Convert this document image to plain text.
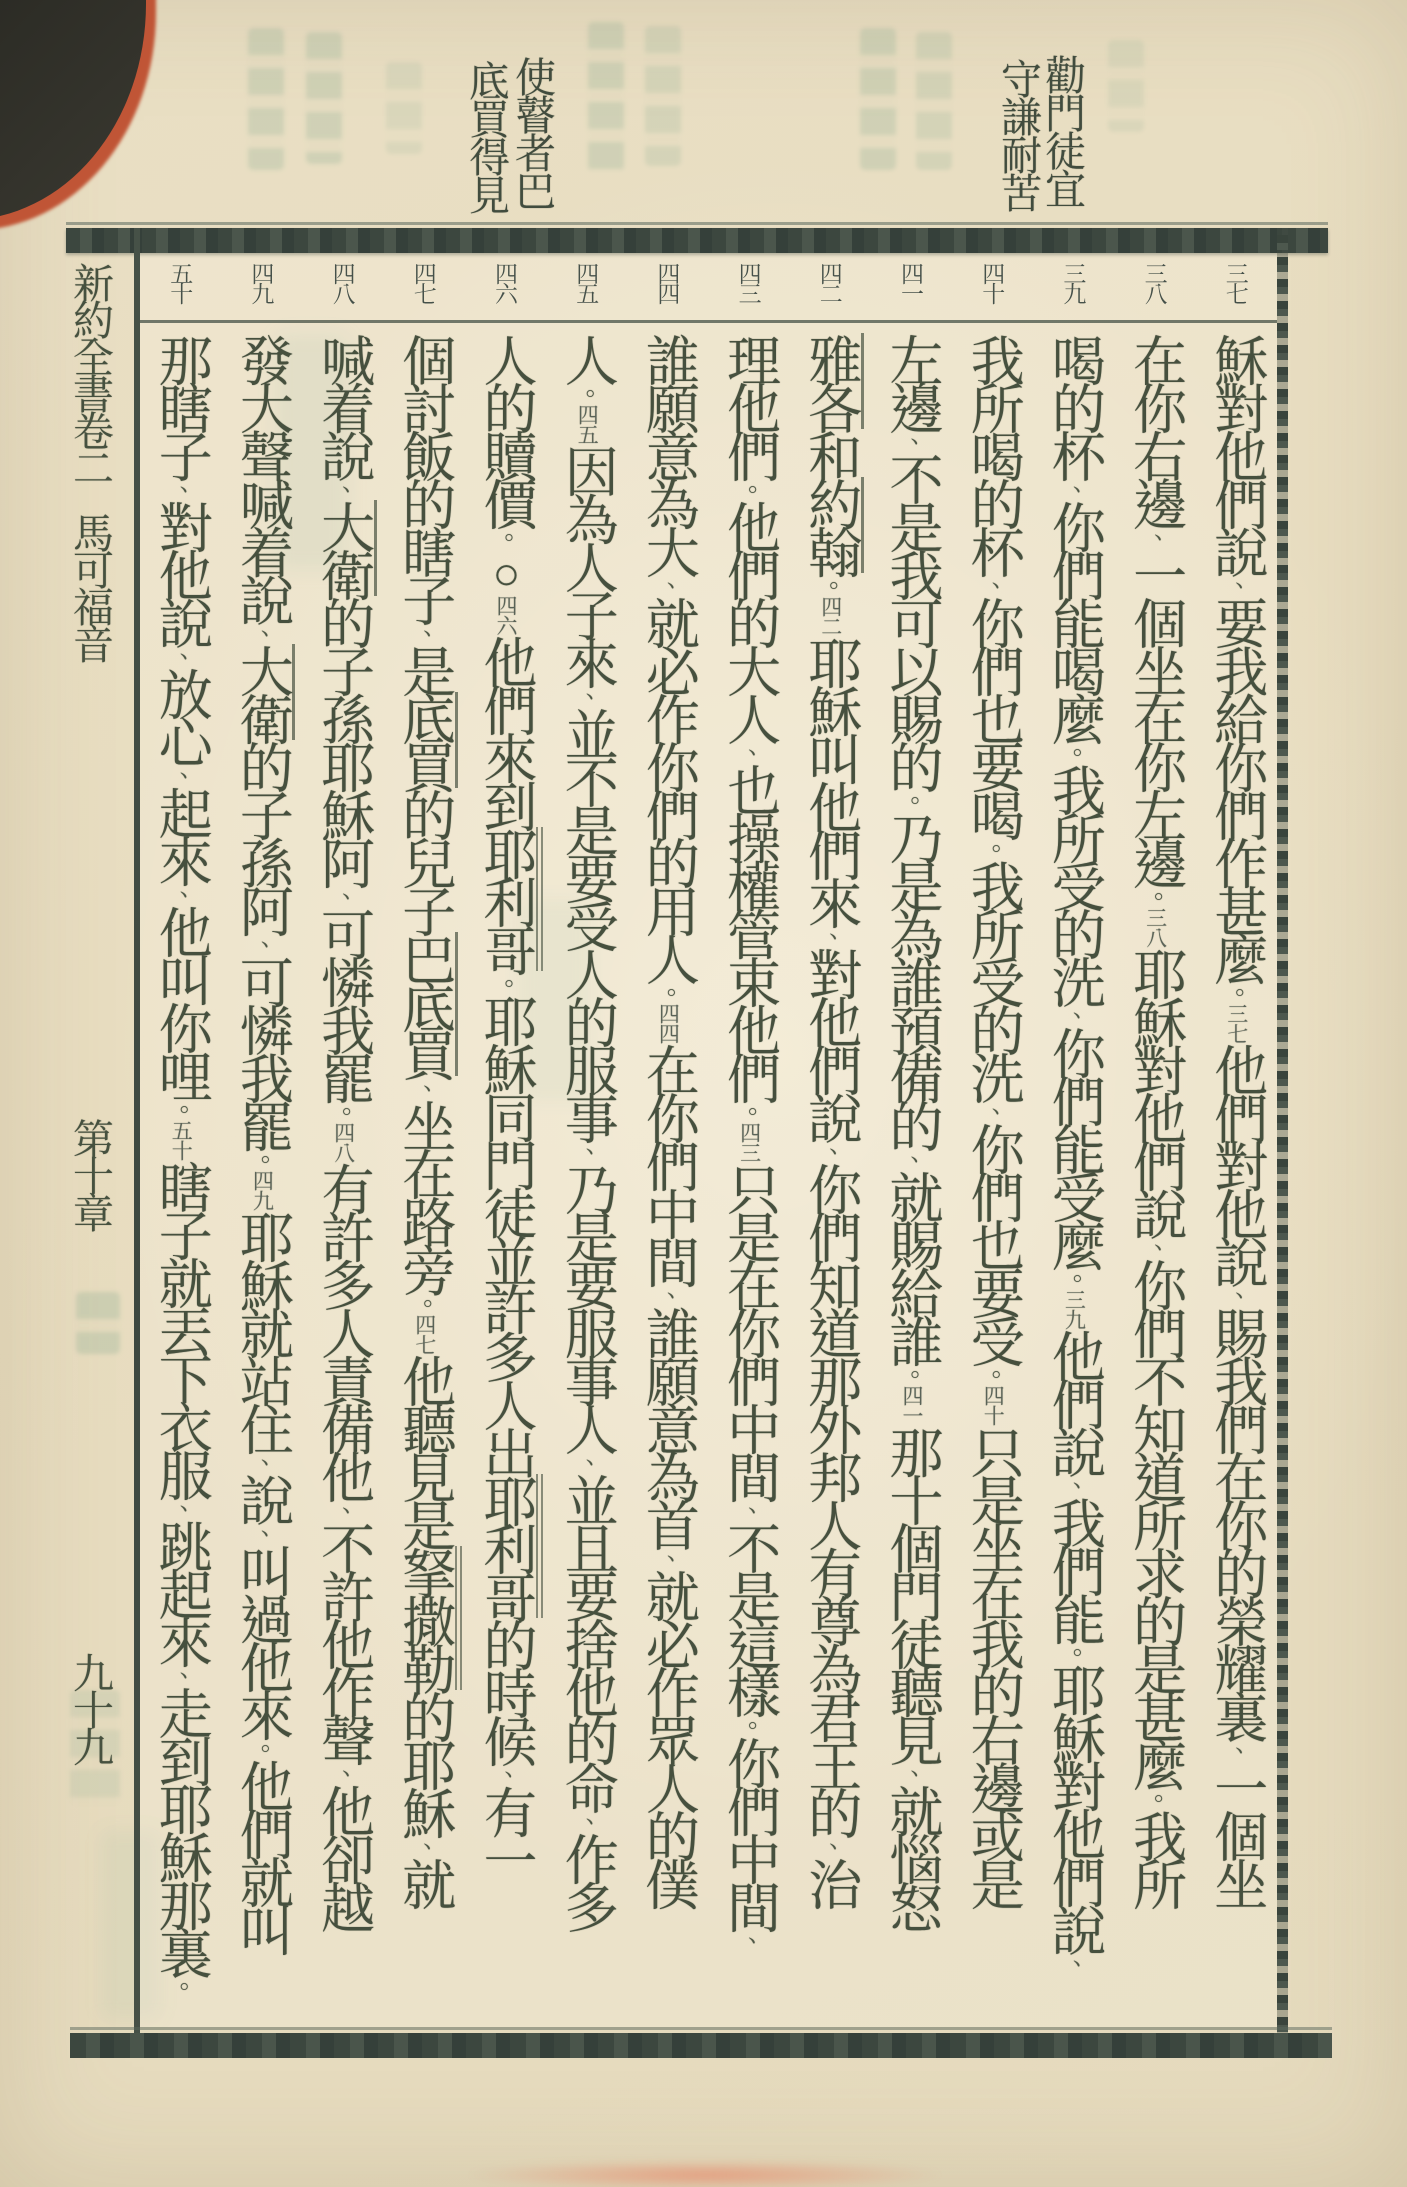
勸門徒宜
守謙耐苦
使瞽者巴
底買得見
新約全書卷二
馬可福音
第十章
九十九
三七
三八
三九
四十
四一
四二
四三
四四
四五
四六
四七
四八
四九
五十
穌對他們說、要我給你們作甚麼。三七他們對他說、賜我們在你的榮耀裏、一個坐
在你右邊、一個坐在你左邊。三八耶穌對他們說、你們不知道所求的是甚麼。我所
喝的杯、你們能喝麼。我所受的洗、你們能受麼。三九他們說、我們能。耶穌對他們說、
我所喝的杯、你們也要喝。我所受的洗、你們也要受。四十只是坐在我的右邊或是
左邊、不是我可以賜的。乃是為誰預備的、就賜給誰。四一那十個門徒聽見、就惱怒
雅各和約翰。四二耶穌叫他們來、對他們說、你們知道那外邦人有尊為君王的、治
理他們。他們的大人、也操權管束他們。四三只是在你們中間、不是這樣。你們中間、
誰願意為大、就必作你們的用人。四四在你們中間、誰願意為首、就必作眾人的僕
人。四五因為人子來、並不是要受人的服事、乃是要服事人、並且要捨他的命、作多
人的贖價。○四六他們來到耶利哥。耶穌同門徒並許多人出耶利哥的時候、有一
個討飯的瞎子、是底買的兒子巴底買、坐在路旁。四七他聽見是拏撒勒的耶穌、就
喊着說、大衛的子孫耶穌阿、可憐我罷。四八有許多人責備他、不許他作聲、他卻越
發大聲喊着說、大衛的子孫阿、可憐我罷。四九耶穌就站住、說、叫過他來。他們就叫
那瞎子、對他說、放心、起來、他叫你哩。五十瞎子就丟下衣服、跳起來、走到耶穌那裏。
